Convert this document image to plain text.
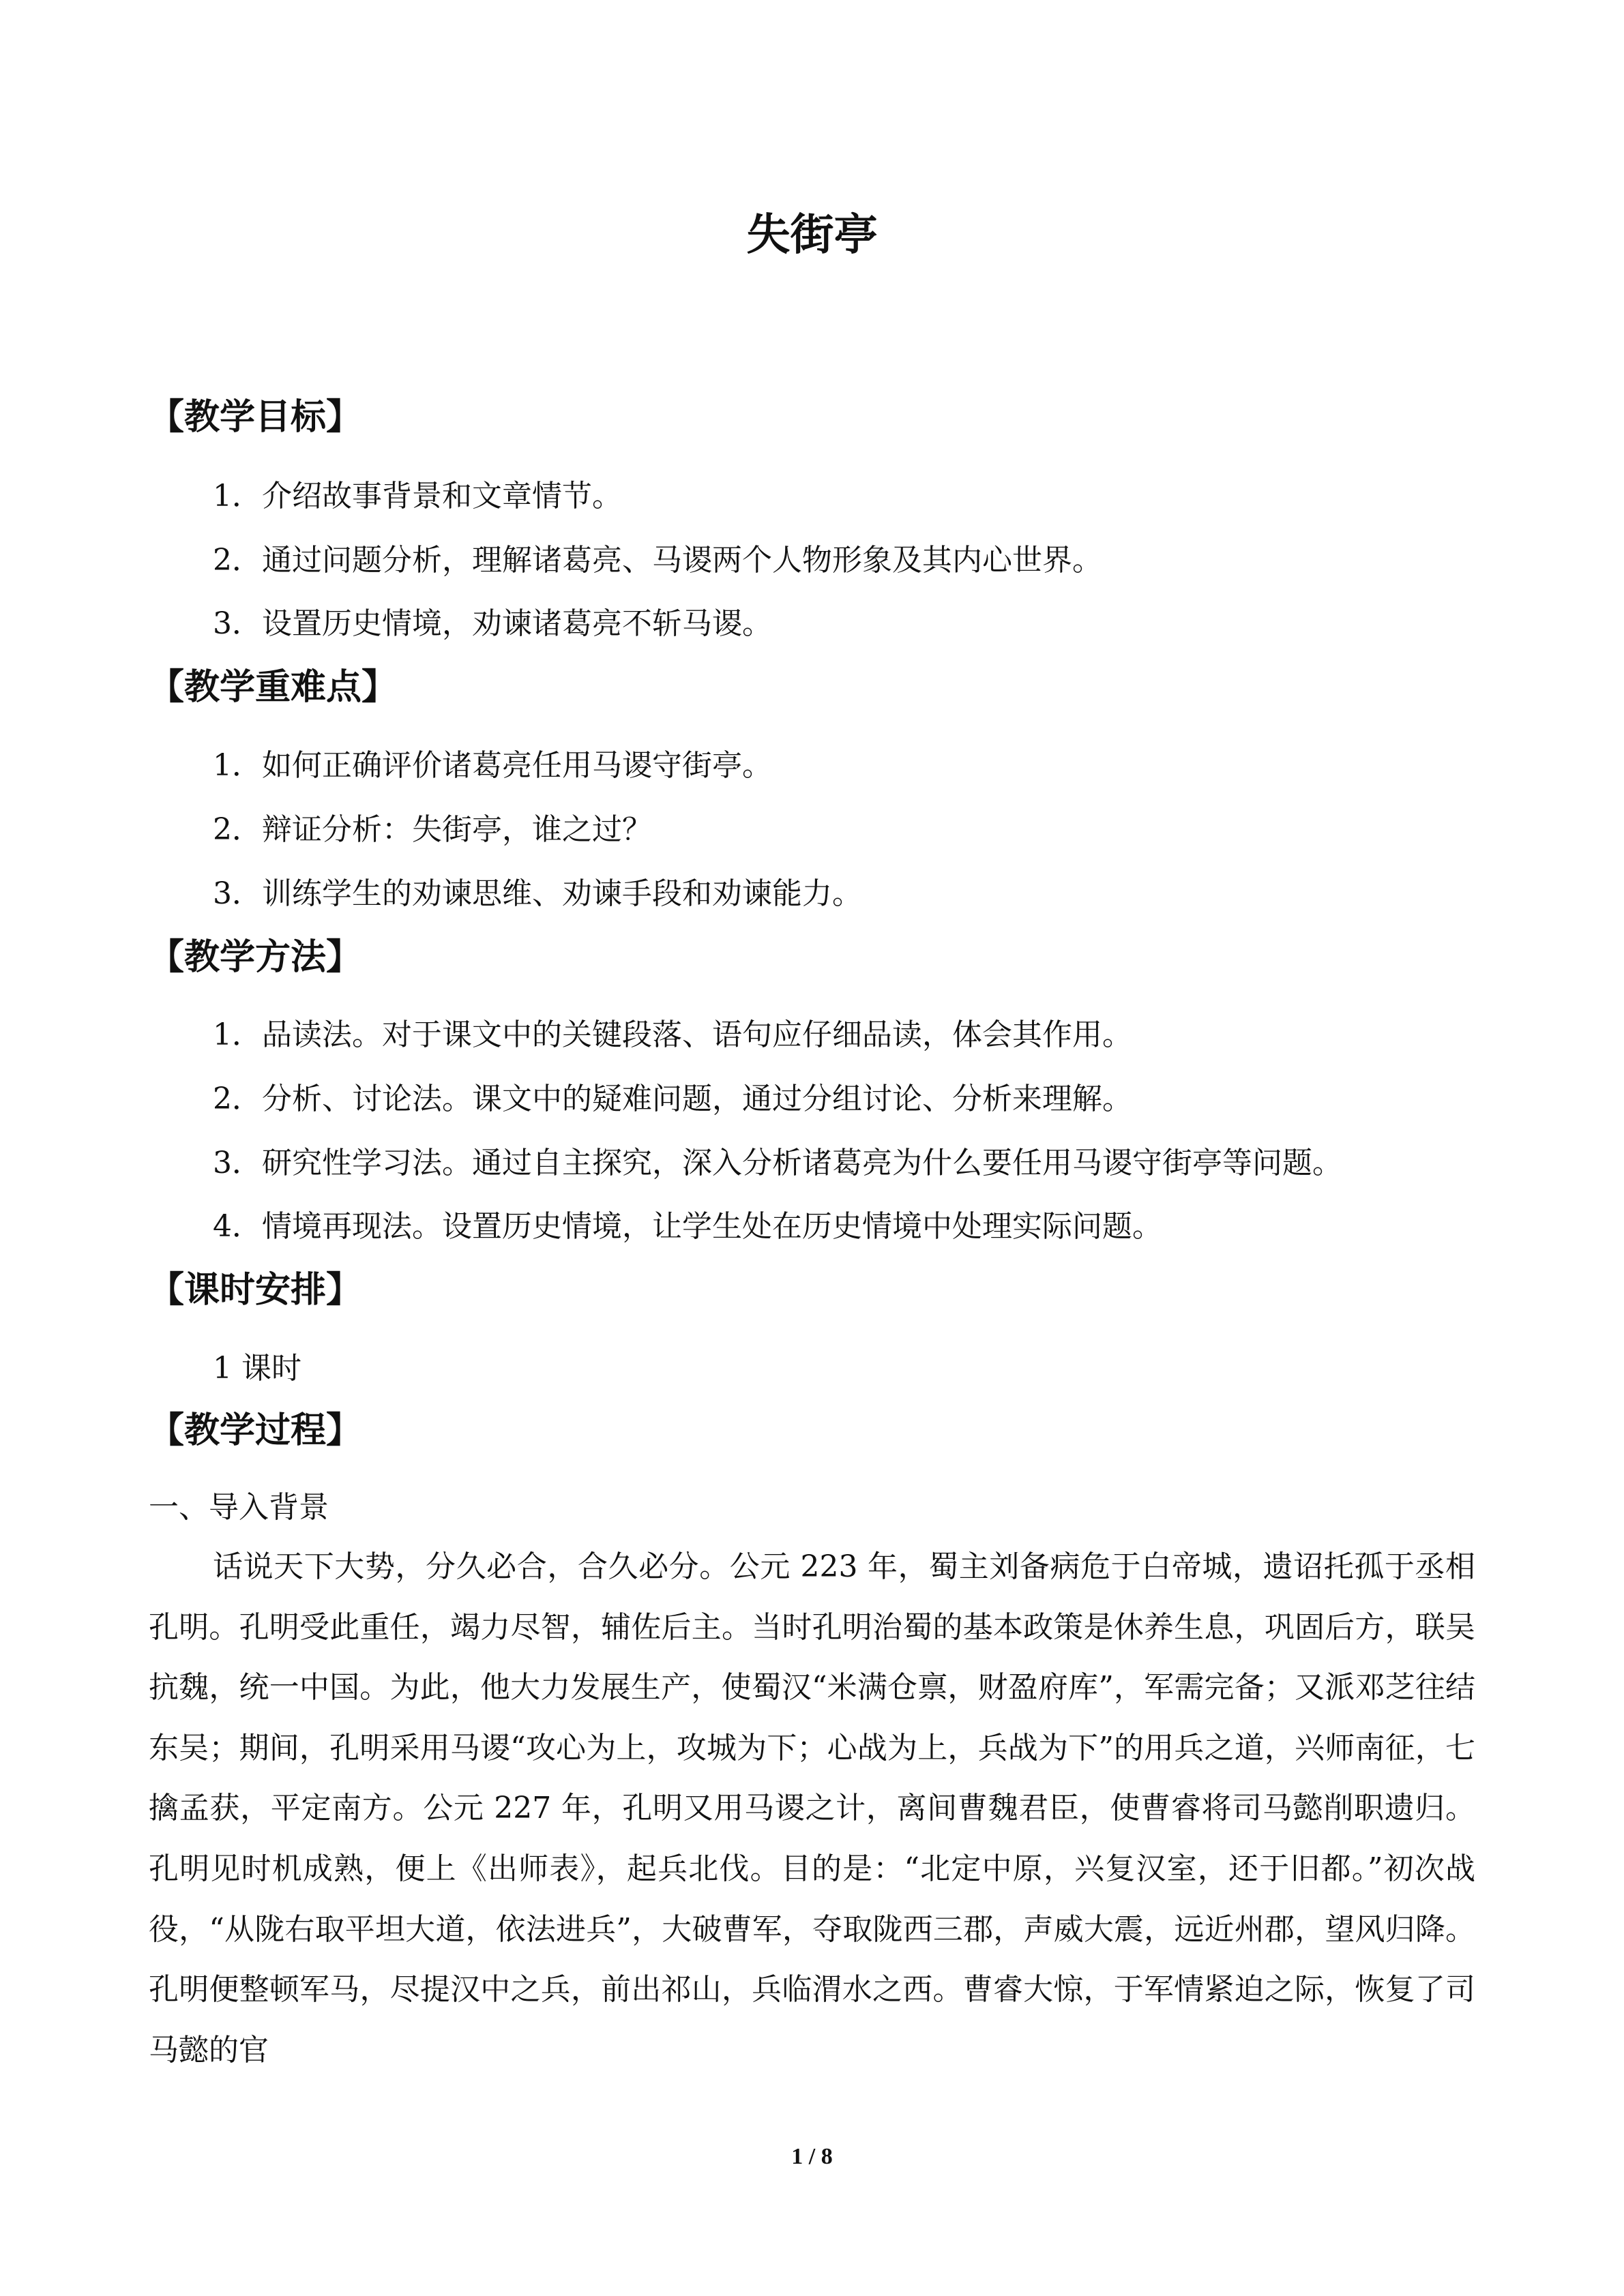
失街亭
【教学目标】
1．介绍故事背景和文章情节。
2．通过问题分析，理解诸葛亮、马谡两个人物形象及其内心世界。
3．设置历史情境，劝谏诸葛亮不斩马谡。
【教学重难点】
1．如何正确评价诸葛亮任用马谡守街亭。
2．辩证分析：失街亭，谁之过？
3．训练学生的劝谏思维、劝谏手段和劝谏能力。
【教学方法】
1．品读法。对于课文中的关键段落、语句应仔细品读，体会其作用。
2．分析、讨论法。课文中的疑难问题，通过分组讨论、分析来理解。
3．研究性学习法。通过自主探究，深入分析诸葛亮为什么要任用马谡守街亭等问题。
4．情境再现法。设置历史情境，让学生处在历史情境中处理实际问题。
【课时安排】
1 课时
【教学过程】
一、导入背景

话说天下大势，分久必合，合久必分。公元 223 年，蜀主刘备病危于白帝城，遗诏托孤于丞相孔明。孔明受此重任，竭力尽智，辅佐后主。当时孔明治蜀的基本政策是休养生息，巩固后方，联吴抗魏，统一中国。为此，他大力发展生产，使蜀汉“米满仓禀，财盈府库”，军需完备；又派邓芝往结东吴；期间，孔明采用马谡“攻心为上，攻城为下；心战为上，兵战为下”的用兵之道，兴师南征，七擒孟获，平定南方。公元 227 年，孔明又用马谡之计，离间曹魏君臣，使曹睿将司马懿削职遗归。孔明见时机成熟，便上《出师表》，起兵北伐。目的是：“北定中原，兴复汉室，还于旧都。”初次战役，“从陇右取平坦大道，依法进兵”，大破曹军，夺取陇西三郡，声威大震，远近州郡，望风归降。孔明便整顿军马，尽提汉中之兵，前出祁山，兵临渭水之西。曹睿大惊，于军情紧迫之际，恢复了司马懿的官

1 / 8
